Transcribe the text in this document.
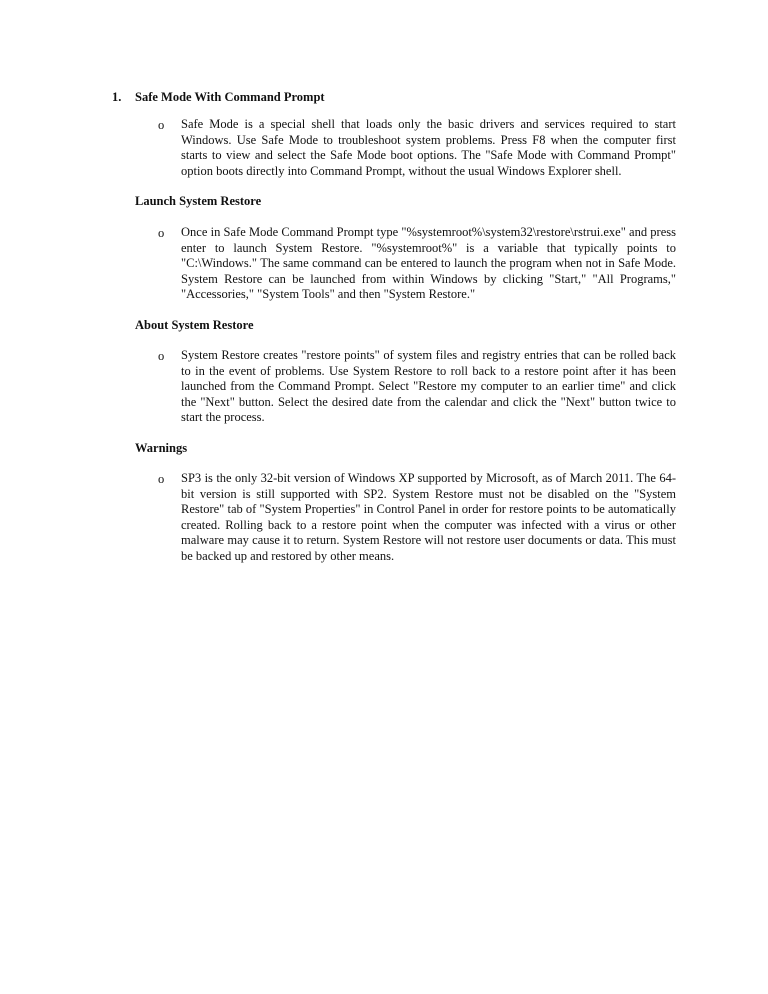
1. Safe Mode With Command Prompt
o Safe Mode is a special shell that loads only the basic drivers and services required to start Windows. Use Safe Mode to troubleshoot system problems. Press F8 when the computer first starts to view and select the Safe Mode boot options. The "Safe Mode with Command Prompt" option boots directly into Command Prompt, without the usual Windows Explorer shell.
Launch System Restore
o Once in Safe Mode Command Prompt type "%systemroot%\system32\restore\rstrui.exe" and press enter to launch System Restore. "%systemroot%" is a variable that typically points to "C:\Windows." The same command can be entered to launch the program when not in Safe Mode. System Restore can be launched from within Windows by clicking "Start," "All Programs," "Accessories," "System Tools" and then "System Restore."
About System Restore
o System Restore creates "restore points" of system files and registry entries that can be rolled back to in the event of problems. Use System Restore to roll back to a restore point after it has been launched from the Command Prompt. Select "Restore my computer to an earlier time" and click the "Next" button. Select the desired date from the calendar and click the "Next" button twice to start the process.
Warnings
o SP3 is the only 32-bit version of Windows XP supported by Microsoft, as of March 2011. The 64-bit version is still supported with SP2. System Restore must not be disabled on the "System Restore" tab of "System Properties" in Control Panel in order for restore points to be automatically created. Rolling back to a restore point when the computer was infected with a virus or other malware may cause it to return. System Restore will not restore user documents or data. This must be backed up and restored by other means.
